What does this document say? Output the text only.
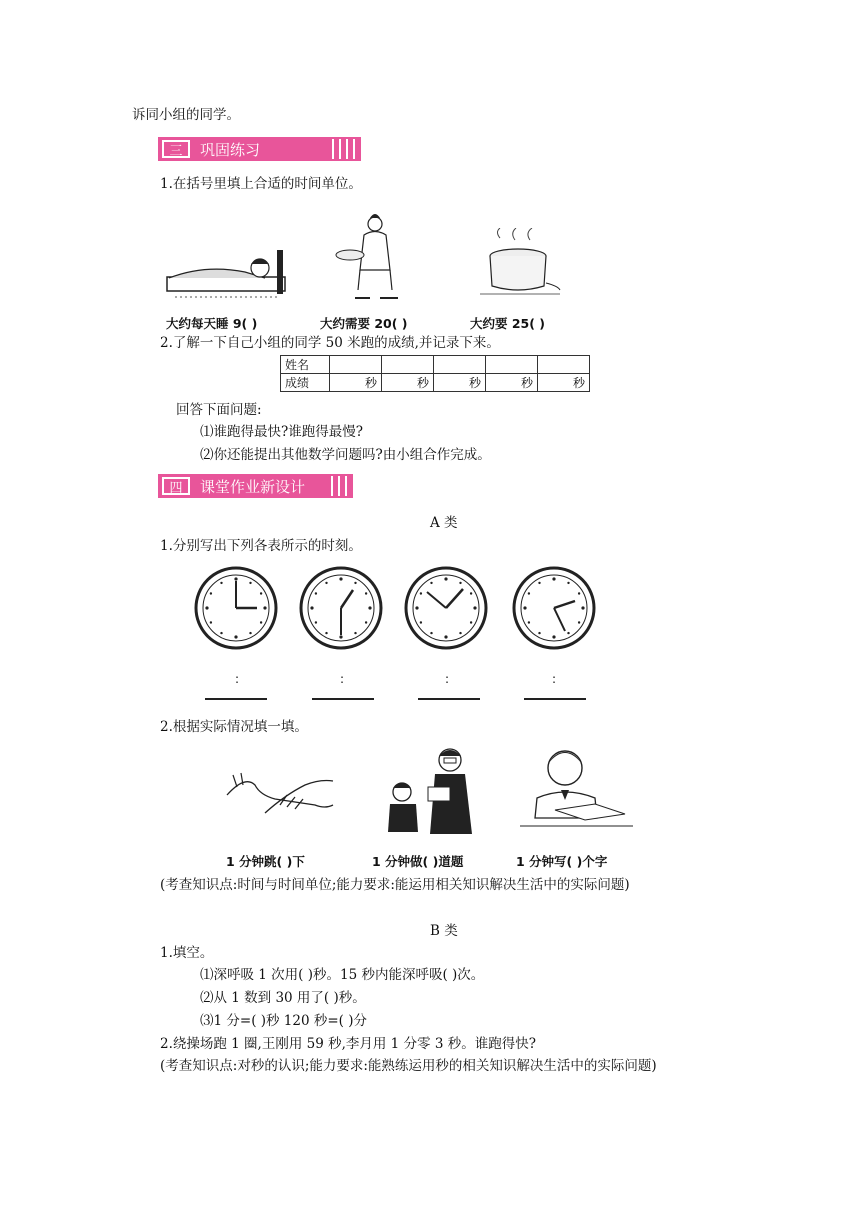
诉同小组的同学。
三	巩固练习
1.在括号里填上合适的时间单位。
大约每天睡 9( )	大约需要 20( )	大约要 25( )
2.了解一下自己小组的同学 50 米跑的成绩,并记录下来。
姓名					
成绩	秒	秒	秒	秒	秒
回答下面问题:
⑴谁跑得最快?谁跑得最慢?
⑵你还能提出其他数学问题吗?由小组合作完成。
四	课堂作业新设计
A 类
1.分别写出下列各表所示的时刻。
:	:	:	:
2.根据实际情况填一填。
1 分钟跳( )下	1 分钟做( )道题	1 分钟写( )个字
(考查知识点:时间与时间单位;能力要求:能运用相关知识解决生活中的实际问题)
B 类
1.填空。
⑴深呼吸 1 次用( )秒。15 秒内能深呼吸( )次。
⑵从 1 数到 30 用了( )秒。
⑶1 分=( )秒 120 秒=( )分
2.绕操场跑 1 圈,王刚用 59 秒,李月用 1 分零 3 秒。谁跑得快?
(考查知识点:对秒的认识;能力要求:能熟练运用秒的相关知识解决生活中的实际问题)
